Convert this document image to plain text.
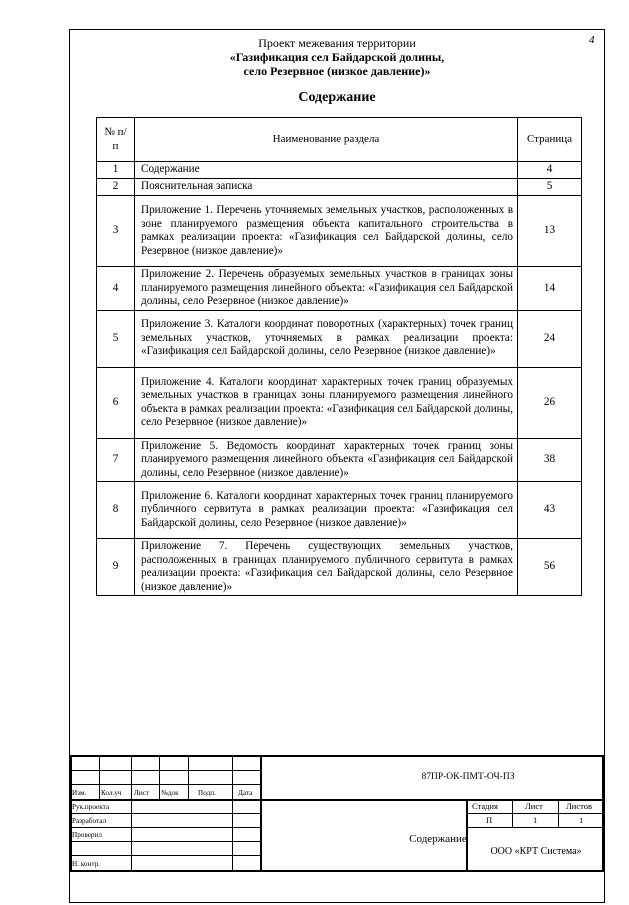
4
Проект межевания территории
«Газификация сел Байдарской долины,
село Резервное (низкое давление)»
Содержание
№ п/п	Наименование раздела	Страница
1	Содержание	4
2	Пояснительная записка	5
3	Приложение 1. Перечень уточняемых земельных участков, расположенных в зоне планируемого размещения объекта капитального строительства в рамках реализации проекта: «Газификация сел Байдарской долины, село Резервное (низкое давление)»	13
4	Приложение 2. Перечень образуемых земельных участков в границах зоны планируемого размещения линейного объекта: «Газификация сел Байдарской долины, село Резервное (низкое давление)»	14
5	Приложение 3. Каталоги координат поворотных (характерных) точек границ земельных участков, уточняемых в рамках реализации проекта: «Газификация сел Байдарской долины, село Резервное (низкое давление)»	24
6	Приложение 4. Каталоги координат характерных точек границ образуемых земельных участков в границах зоны планируемого размещения линейного объекта в рамках реализации проекта: «Газификация сел Байдарской долины, село Резервное (низкое давление)»	26
7	Приложение 5. Ведомость координат характерных точек границ зоны планируемого размещения линейного объекта «Газификация сел Байдарской долины, село Резервное (низкое давление)»	38
8	Приложение 6. Каталоги координат характерных точек границ планируемого публичного сервитута в рамках реализации проекта: «Газификация сел Байдарской долины, село Резервное (низкое давление)»	43
9	Приложение 7. Перечень существующих земельных участков, расположенных в границах планируемого публичного сервитута в рамках реализации проекта: «Газификация сел Байдарской долины, село Резервное (низкое давление)»	56
Изм. Кол.уч Лист №док	Подп.	Дата
Рук.проекта
Разработал
Проверил
Н. контр.
87ПР-ОК-ПМТ-ОЧ-ПЗ
Содержание
Стадия	Лист	Листов
П	1	1
ООО «КРТ Система»
